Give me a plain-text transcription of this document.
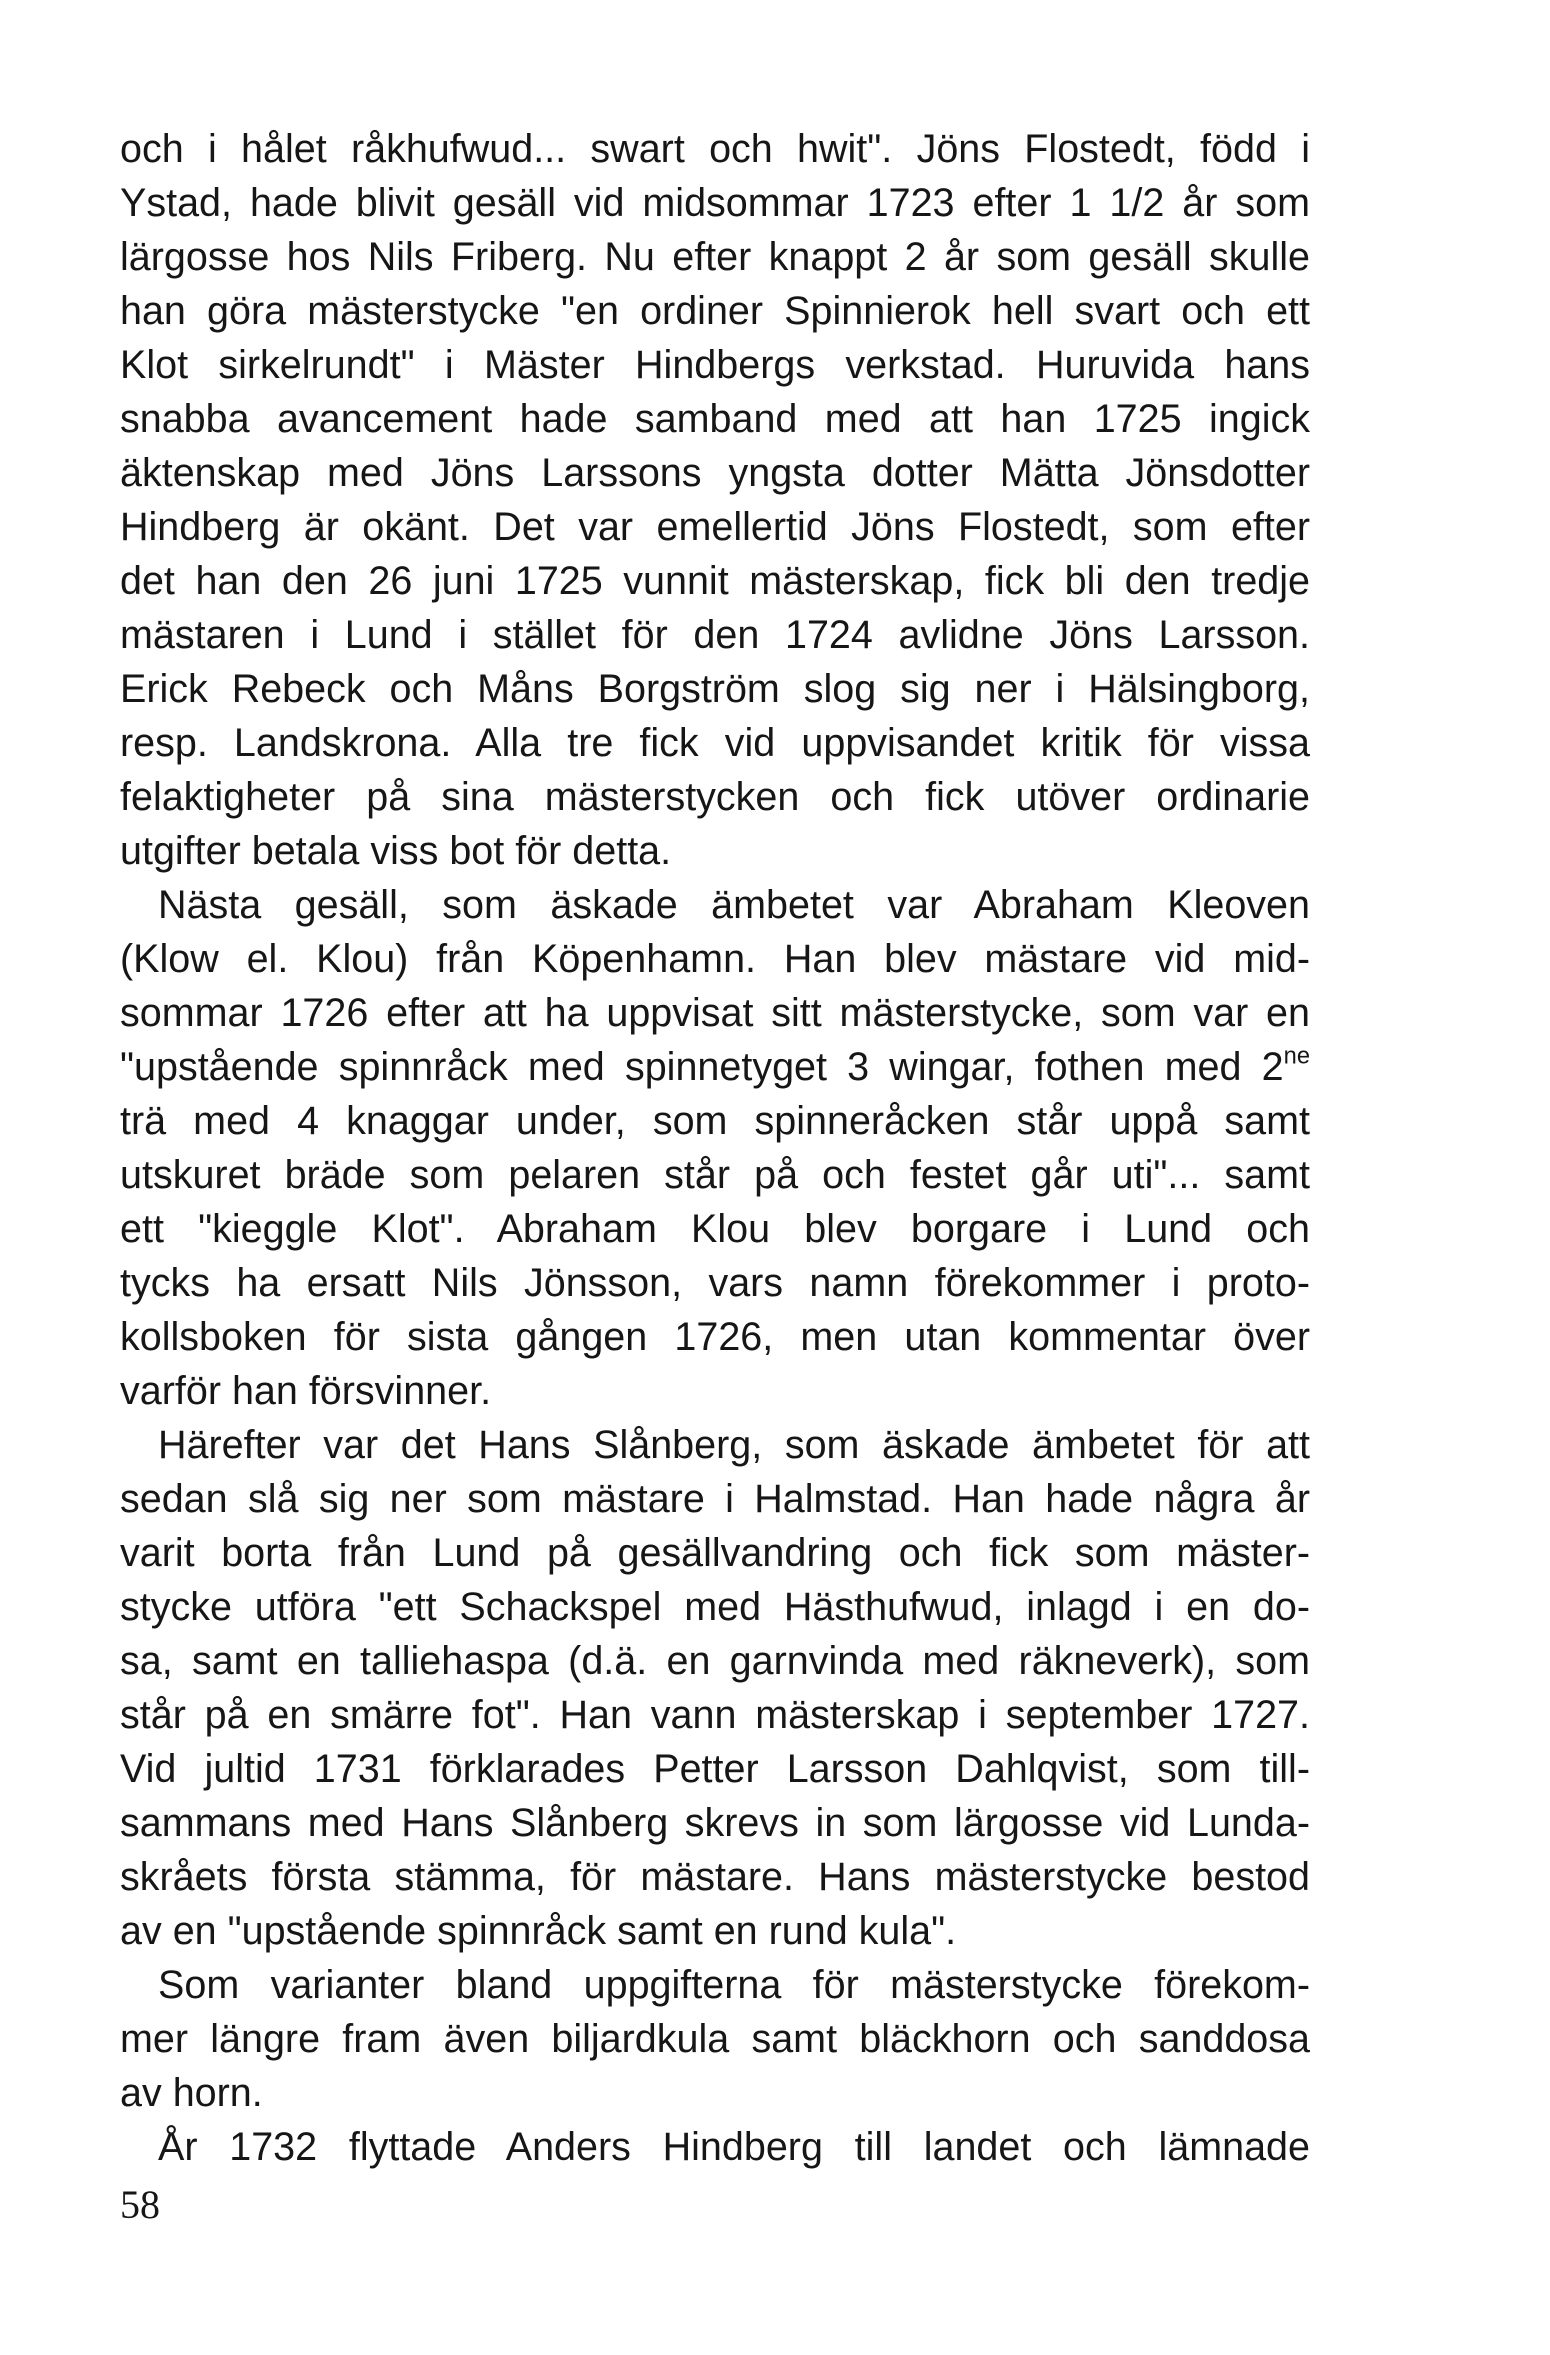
och i hålet råkhufwud... swart och hwit". Jöns Flostedt, född i
Ystad, hade blivit gesäll vid midsommar 1723 efter 1 1/2 år som
lärgosse hos Nils Friberg. Nu efter knappt 2 år som gesäll skulle
han göra mästerstycke "en ordiner Spinnierok hell svart och ett
Klot sirkelrundt" i Mäster Hindbergs verkstad. Huruvida hans
snabba avancement hade samband med att han 1725 ingick
äktenskap med Jöns Larssons yngsta dotter Mätta Jönsdotter
Hindberg är okänt. Det var emellertid Jöns Flostedt, som efter
det han den 26 juni 1725 vunnit mästerskap, fick bli den tredje
mästaren i Lund i stället för den 1724 avlidne Jöns Larsson.
Erick Rebeck och Måns Borgström slog sig ner i Hälsingborg,
resp. Landskrona. Alla tre fick vid uppvisandet kritik för vissa
felaktigheter på sina mästerstycken och fick utöver ordinarie
utgifter betala viss bot för detta.
Nästa gesäll, som äskade ämbetet var Abraham Kleoven
(Klow el. Klou) från Köpenhamn. Han blev mästare vid mid-
sommar 1726 efter att ha uppvisat sitt mästerstycke, som var en
"upstående spinnråck med spinnetyget 3 wingar, fothen med $2^{ne}$
trä med 4 knaggar under, som spinneråcken står uppå samt
utskuret bräde som pelaren står på och festet går uti"... samt
ett "kieggle Klot". Abraham Klou blev borgare i Lund och
tycks ha ersatt Nils Jönsson, vars namn förekommer i proto-
kollsboken för sista gången 1726, men utan kommentar över
varför han försvinner.
Härefter var det Hans Slånberg, som äskade ämbetet för att
sedan slå sig ner som mästare i Halmstad. Han hade några år
varit borta från Lund på gesällvandring och fick som mäster-
stycke utföra "ett Schackspel med Hästhufwud, inlagd i en do-
sa, samt en talliehaspa (d.ä. en garnvinda med räkneverk), som
står på en smärre fot". Han vann mästerskap i september 1727.
Vid jultid 1731 förklarades Petter Larsson Dahlqvist, som till-
sammans med Hans Slånberg skrevs in som lärgosse vid Lunda-
skråets första stämma, för mästare. Hans mästerstycke bestod
av en "upstående spinnråck samt en rund kula".
Som varianter bland uppgifterna för mästerstycke förekom-
mer längre fram även biljardkula samt bläckhorn och sanddosa
av horn.
År 1732 flyttade Anders Hindberg till landet och lämnade
58
